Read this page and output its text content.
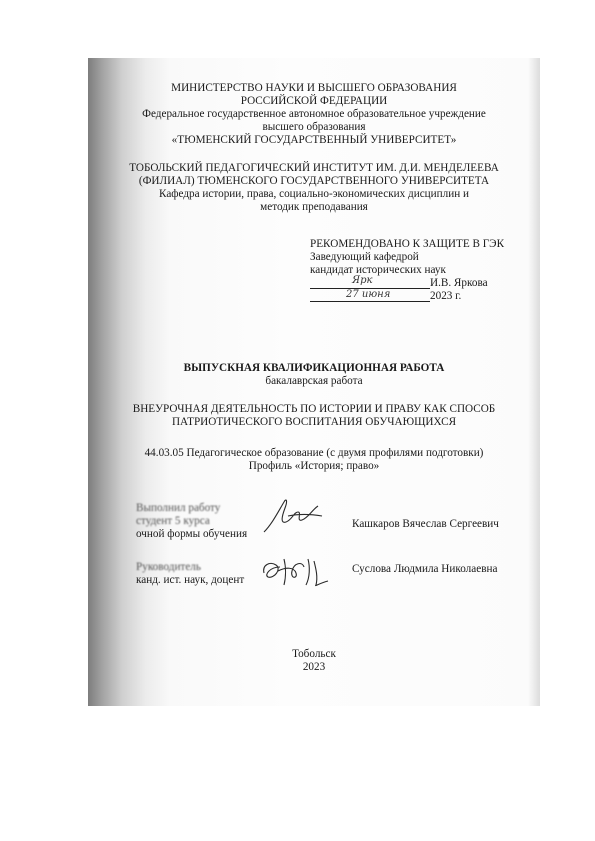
МИНИСТЕРСТВО НАУКИ И ВЫСШЕГО ОБРАЗОВАНИЯ

РОССИЙСКОЙ ФЕДЕРАЦИИ

Федеральное государственное автономное образовательное учреждение

высшего образования

«ТЮМЕНСКИЙ ГОСУДАРСТВЕННЫЙ УНИВЕРСИТЕТ»

ТОБОЛЬСКИЙ ПЕДАГОГИЧЕСКИЙ ИНСТИТУТ ИМ. Д.И. МЕНДЕЛЕЕВА

(ФИЛИАЛ) ТЮМЕНСКОГО ГОСУДАРСТВЕННОГО УНИВЕРСИТЕТА

Кафедра истории, права, социально-экономических дисциплин и

методик преподавания

РЕКОМЕНДОВАНО К ЗАЩИТЕ В ГЭК

Заведующий кафедрой

кандидат исторических наук

Ярк	И.В. Яркова

27 июня	2023 г.

ВЫПУСКНАЯ КВАЛИФИКАЦИОННАЯ РАБОТА

бакалаврская работа

ВНЕУРОЧНАЯ ДЕЯТЕЛЬНОСТЬ ПО ИСТОРИИ И ПРАВУ КАК СПОСОБ

ПАТРИОТИЧЕСКОГО ВОСПИТАНИЯ ОБУЧАЮЩИХСЯ

44.03.05 Педагогическое образование (с двумя профилями подготовки)

Профиль «История; право»

Выполнил работу

студент 5 курса

очной формы обучения

Кашкаров Вячеслав Сергеевич

Руководитель

канд. ист. наук, доцент

Суслова Людмила Николаевна

Тобольск

2023
